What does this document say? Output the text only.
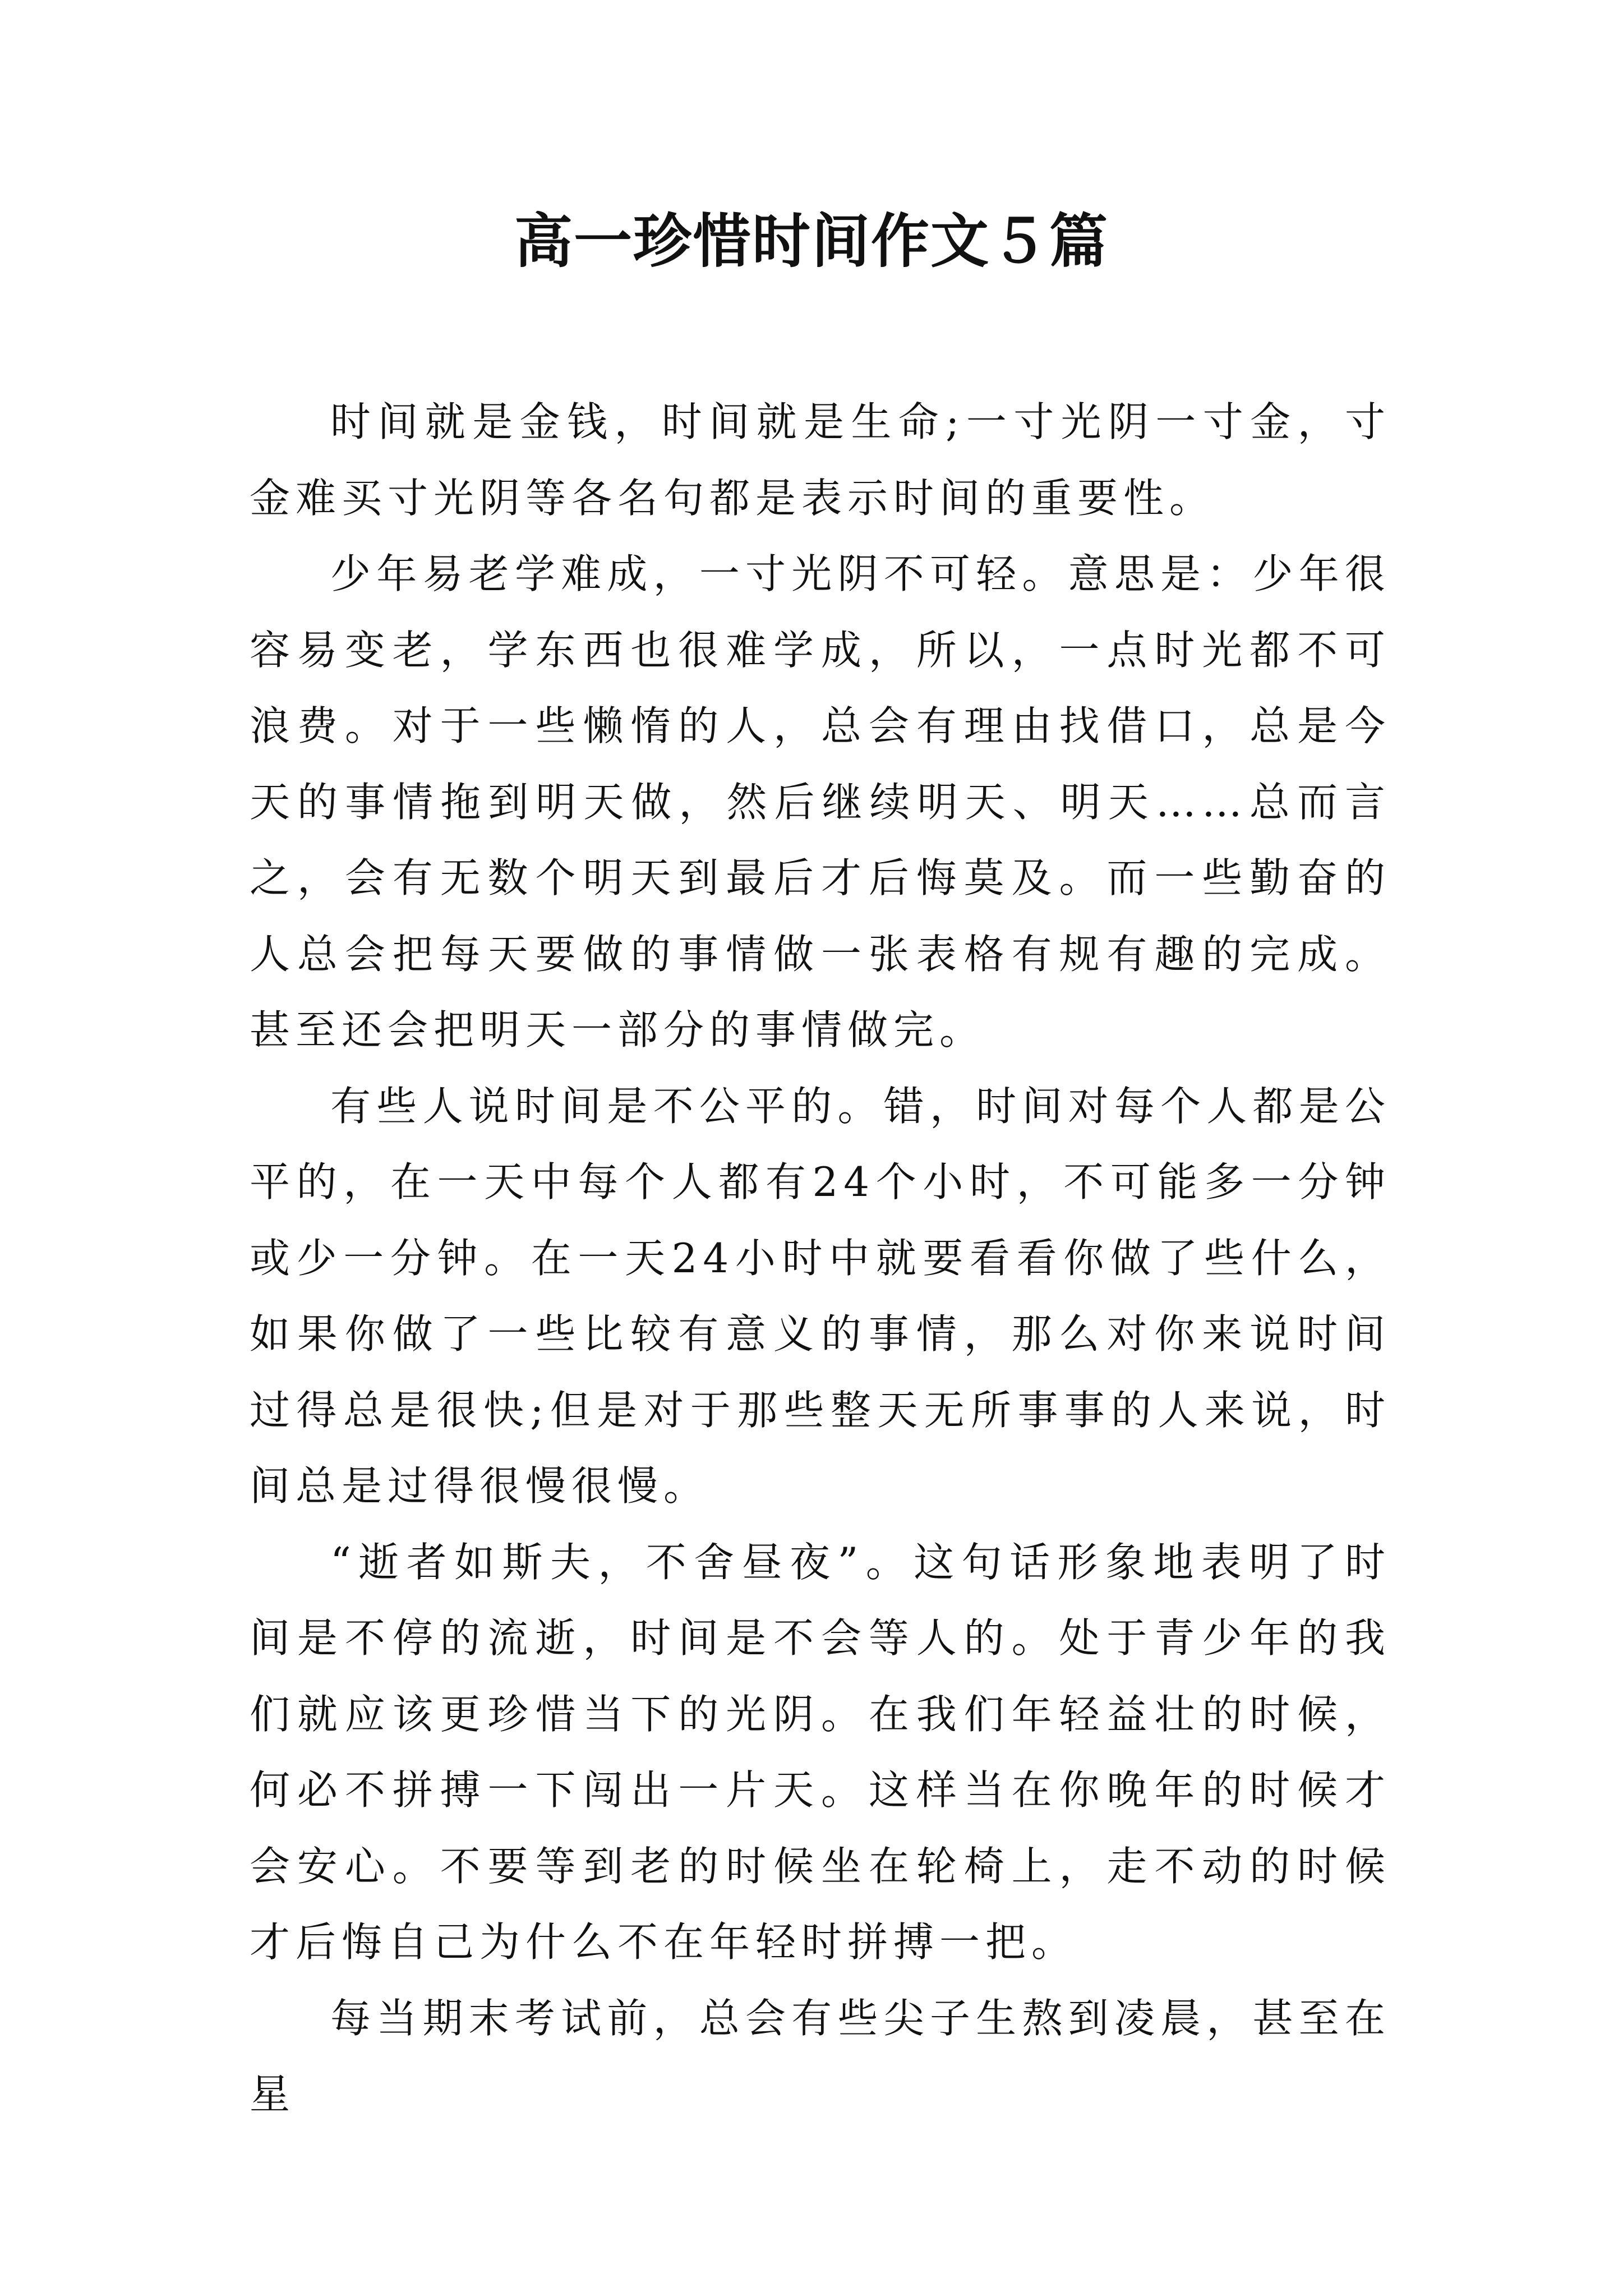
高一珍惜时间作文５篇

时间就是金钱，时间就是生命;一寸光阴一寸金，寸金难买寸光阴等各名句都是表示时间的重要性。

少年易老学难成，一寸光阴不可轻。意思是：少年很容易变老，学东西也很难学成，所以，一点时光都不可浪费。对于一些懒惰的人，总会有理由找借口，总是今天的事情拖到明天做，然后继续明天、明天……总而言之，会有无数个明天到最后才后悔莫及。而一些勤奋的人总会把每天要做的事情做一张表格有规有趣的完成。甚至还会把明天一部分的事情做完。

有些人说时间是不公平的。错，时间对每个人都是公平的，在一天中每个人都有24个小时，不可能多一分钟或少一分钟。在一天24小时中就要看看你做了些什么，如果你做了一些比较有意义的事情，那么对你来说时间过得总是很快;但是对于那些整天无所事事的人来说，时间总是过得很慢很慢。

“逝者如斯夫，不舍昼夜”。这句话形象地表明了时间是不停的流逝，时间是不会等人的。处于青少年的我们就应该更珍惜当下的光阴。在我们年轻益壮的时候，何必不拼搏一下闯出一片天。这样当在你晚年的时候才会安心。不要等到老的时候坐在轮椅上，走不动的时候才后悔自己为什么不在年轻时拼搏一把。

每当期末考试前，总会有些尖子生熬到凌晨，甚至在星
